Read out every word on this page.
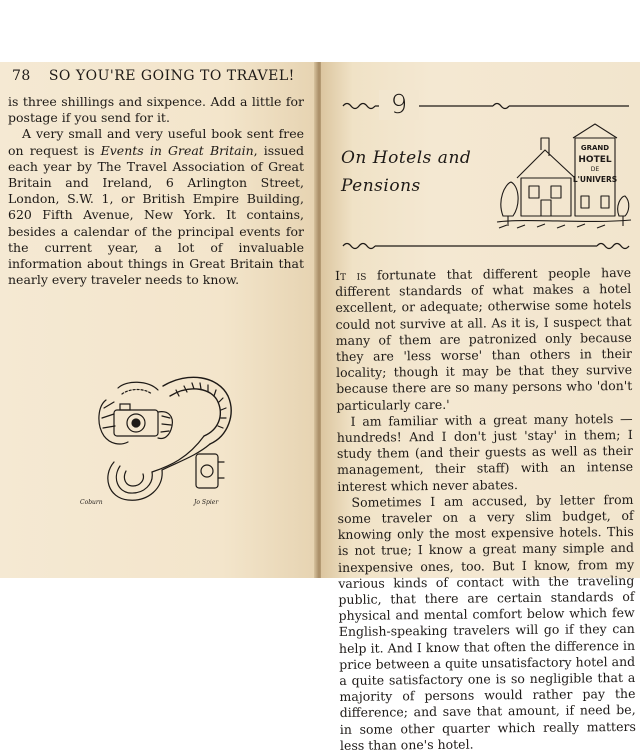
78 SO YOU'RE GOING TO TRAVEL!

is three shillings and sixpence. Add a little for postage if you send for it.

A very small and very useful book sent free on request is Events in Great Britain, issued each year by The Travel Association of Great Britain and Ireland, 6 Arlington Street, London, S.W. 1, or British Empire Building, 620 Fifth Avenue, New York. It contains, besides a calendar of the principal events for the current year, a lot of invaluable information about things in Great Britain that nearly every traveler needs to know.

Coburn	Jo Spier
9
On Hotels and Pensions
GRAND
HOTEL
DE
L'UNIVERS

It is fortunate that different people have different standards of what makes a hotel excellent, or adequate; otherwise some hotels could not survive at all. As it is, I suspect that many of them are patronized only because they are 'less worse' than others in their locality; though it may be that they survive because there are so many persons who 'don't particularly care.'

I am familiar with a great many hotels — hundreds! And I don't just 'stay' in them; I study them (and their guests as well as their management, their staff) with an intense interest which never abates.

Sometimes I am accused, by letter from some traveler on a very slim budget, of knowing only the most expensive hotels. This is not true; I know a great many simple and inexpensive ones, too. But I know, from my various kinds of contact with the traveling public, that there are certain standards of physical and mental comfort below which few English-speaking travelers will go if they can help it. And I know that often the difference in price between a quite unsatisfactory hotel and a quite satisfactory one is so negligible that a majority of persons would rather pay the difference; and save that amount, if need be, in some other quarter which really matters less than one's hotel.
